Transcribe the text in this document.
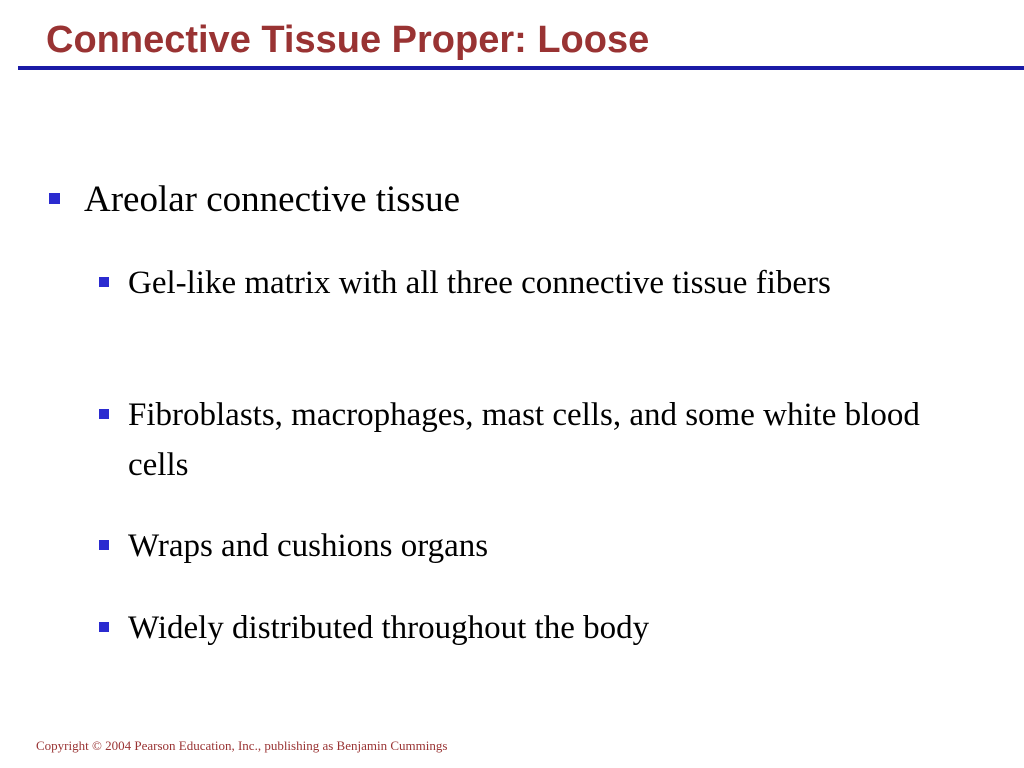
Connective Tissue Proper: Loose
Areolar connective tissue
Gel-like matrix with all three connective tissue fibers
Fibroblasts, macrophages, mast cells, and some white blood cells
Wraps and cushions organs
Widely distributed throughout the body
Copyright © 2004 Pearson Education, Inc., publishing as Benjamin Cummings
